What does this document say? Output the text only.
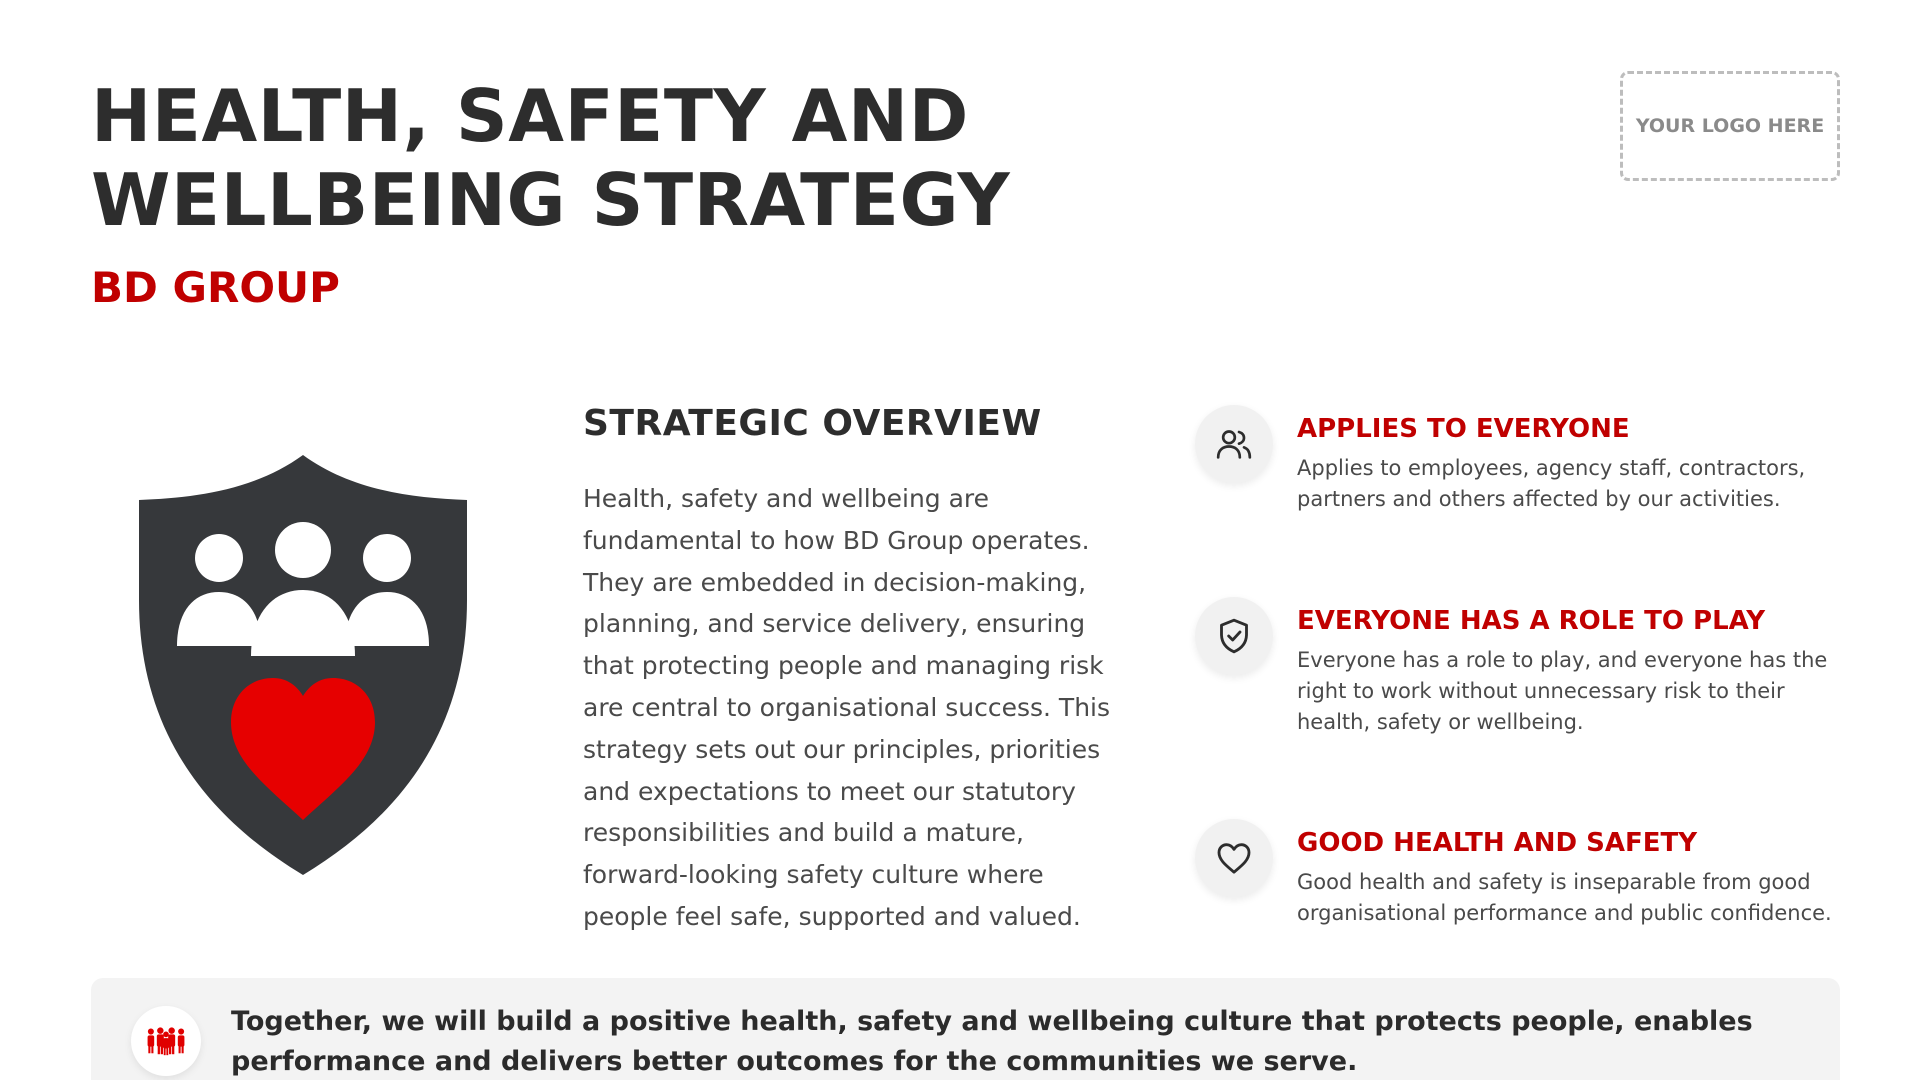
HEALTH, SAFETY AND WELLBEING STRATEGY
BD GROUP
YOUR LOGO HERE
STRATEGIC OVERVIEW
Health, safety and wellbeing are fundamental to how BD Group operates. They are embedded in decision-making, planning, and service delivery, ensuring that protecting people and managing risk are central to organisational success. This strategy sets out our principles, priorities and expectations to meet our statutory responsibilities and build a mature, forward-looking safety culture where people feel safe, supported and valued.
APPLIES TO EVERYONE
Applies to employees, agency staff, contractors, partners and others affected by our activities.
EVERYONE HAS A ROLE TO PLAY
Everyone has a role to play, and everyone has the right to work without unnecessary risk to their health, safety or wellbeing.
GOOD HEALTH AND SAFETY
Good health and safety is inseparable from good organisational performance and public confidence.
Together, we will build a positive health, safety and wellbeing culture that protects people, enables performance and delivers better outcomes for the communities we serve.
